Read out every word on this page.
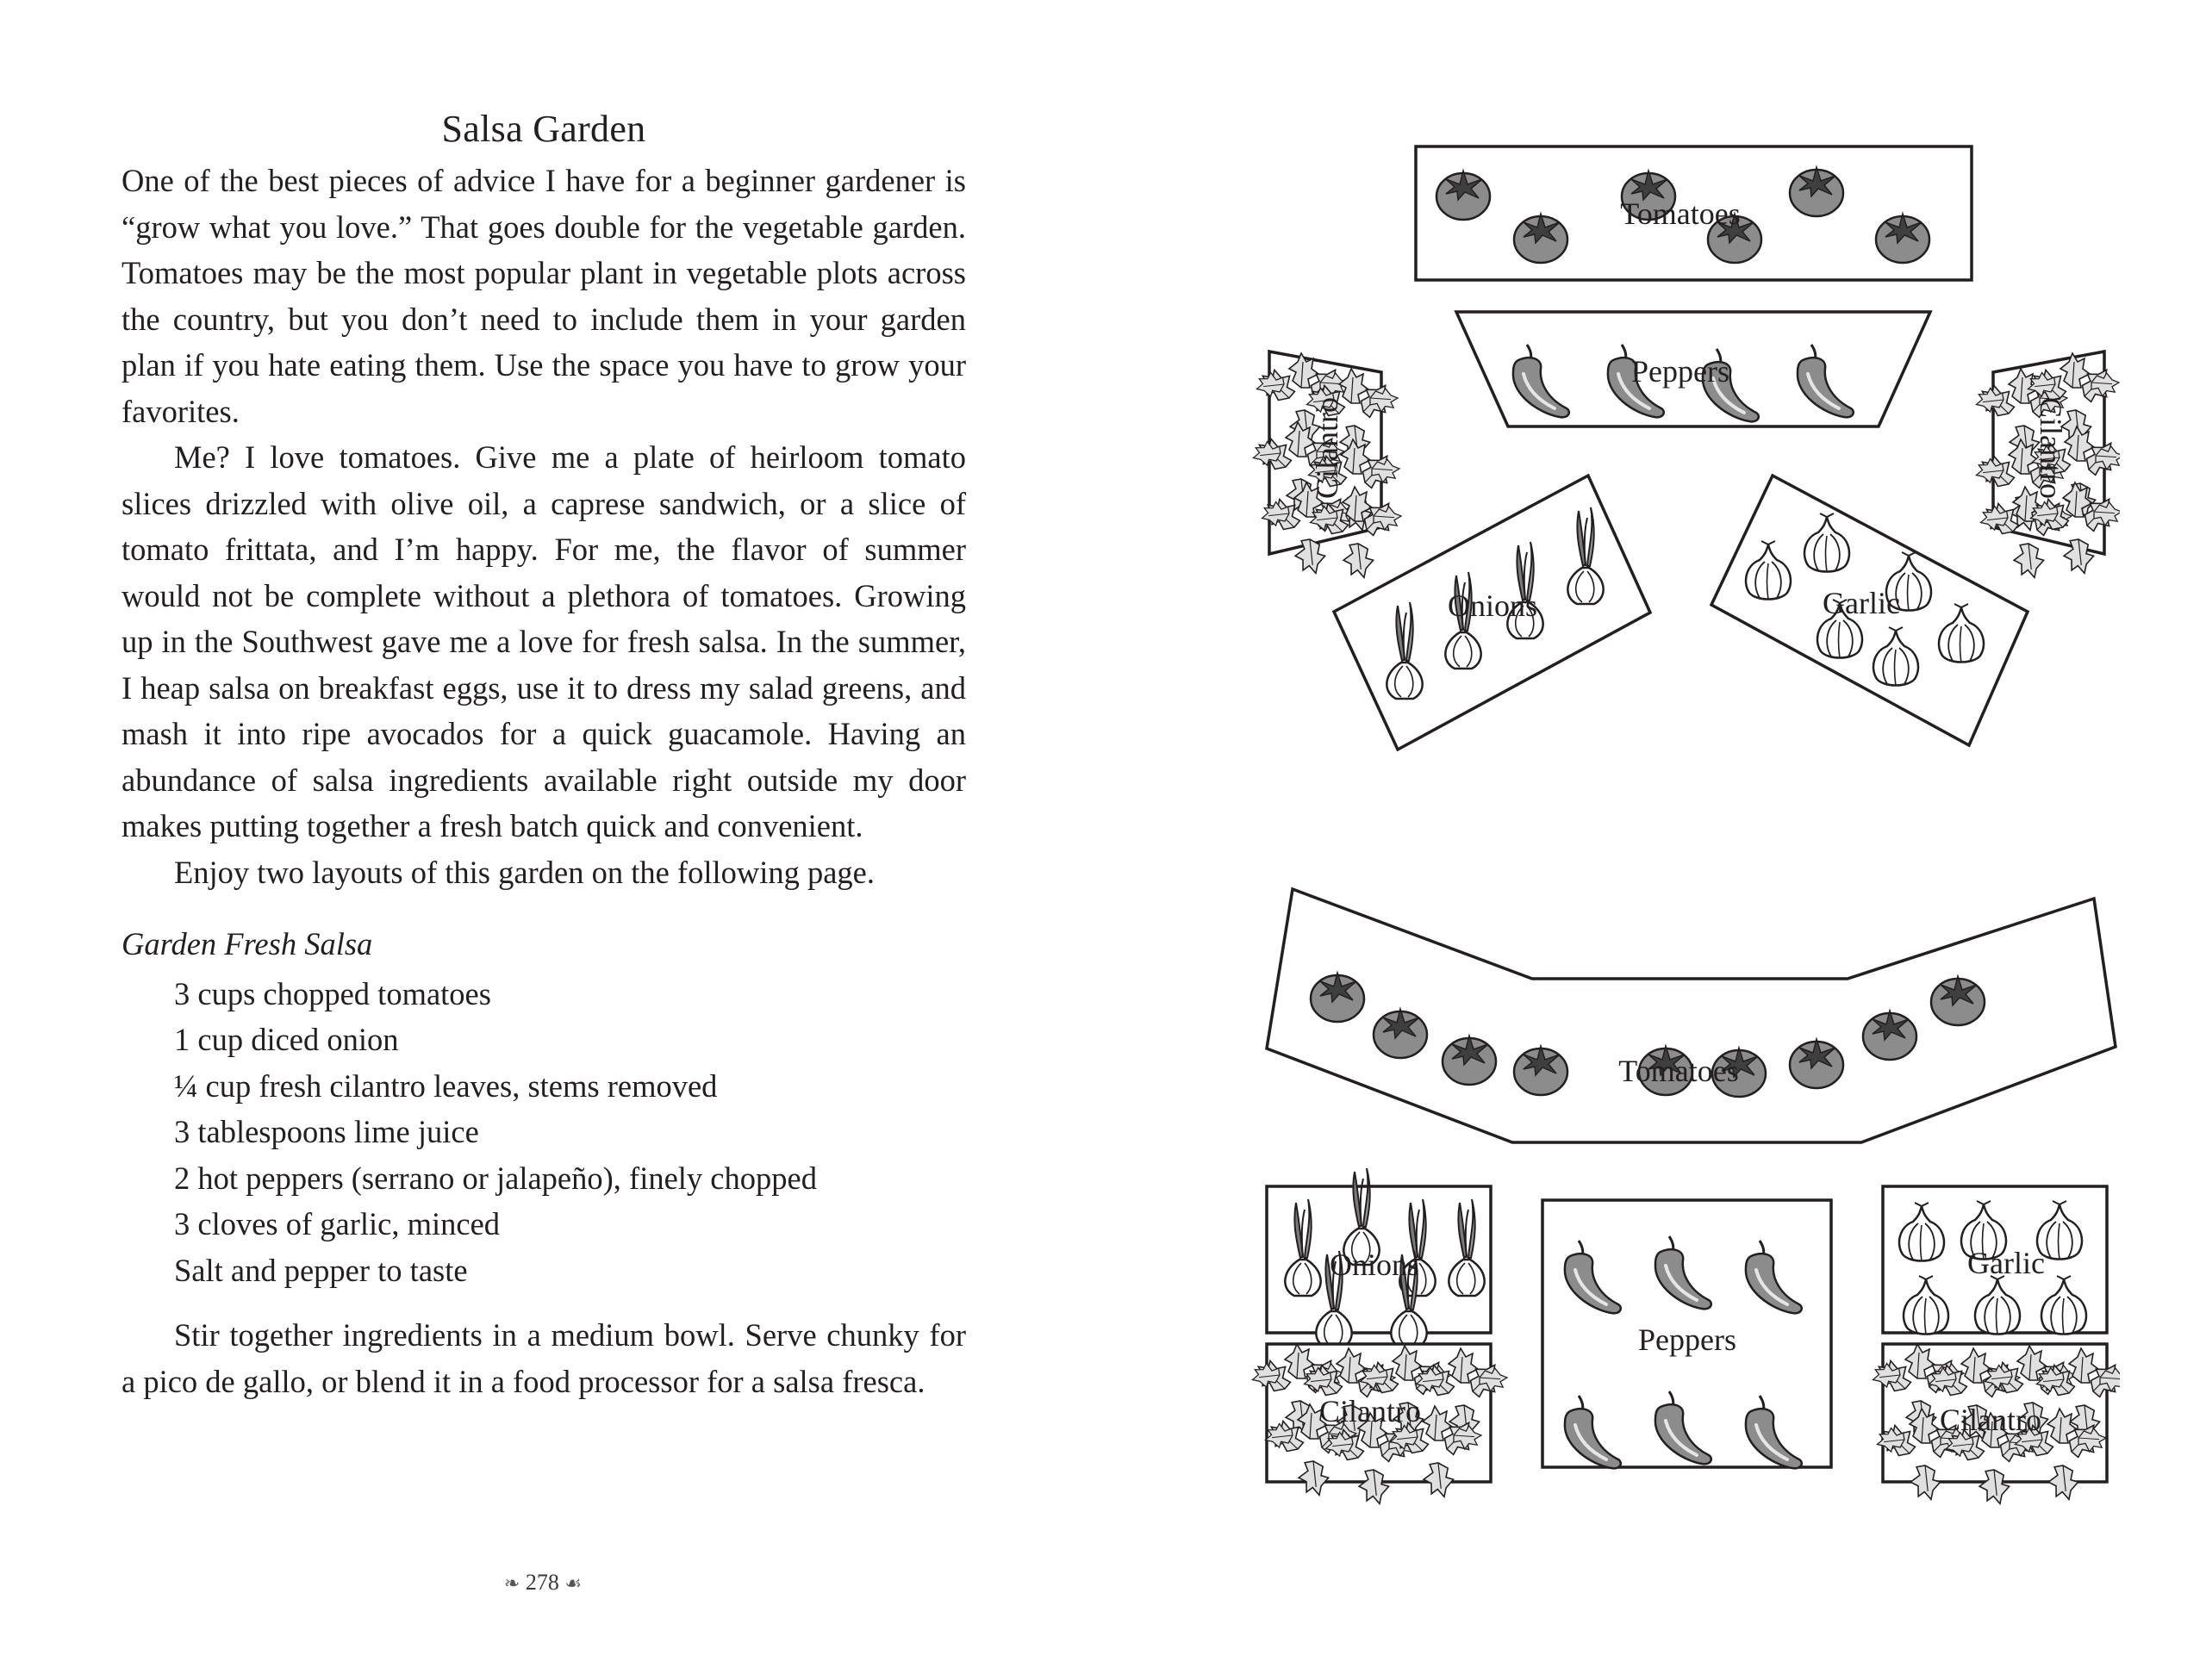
Salsa Garden

One of the best pieces of advice I have for a beginner gardener is “grow what you love.” That goes double for the vegetable garden. Tomatoes may be the most popular plant in vegetable plots across the country, but you don’t need to include them in your garden plan if you hate eating them. Use the space you have to grow your favorites.

Me? I love tomatoes. Give me a plate of heirloom tomato slices drizzled with olive oil, a caprese sandwich, or a slice of tomato frittata, and I’m happy. For me, the flavor of summer would not be complete without a plethora of tomatoes. Growing up in the Southwest gave me a love for fresh salsa. In the summer, I heap salsa on breakfast eggs, use it to dress my salad greens, and mash it into ripe avocados for a quick guacamole. Having an abundance of salsa ingredients available right outside my door makes putting together a fresh batch quick and convenient.

Enjoy two layouts of this garden on the following page.

Garden Fresh Salsa
3 cups chopped tomatoes
1 cup diced onion
¼ cup fresh cilantro leaves, stems removed
3 tablespoons lime juice
2 hot peppers (serrano or jalapeño), finely chopped
3 cloves of garlic, minced
Salt and pepper to taste

Stir together ingredients in a medium bowl. Serve chunky for a pico de gallo, or blend it in a food processor for a salsa fresca.

❧ 278 ☙
Tomatoes
Peppers
Cilantro	Cilantro
Onions	Garlic
Tomatoes
Onions
Cilantro
Peppers
Garlic
Cilantro
